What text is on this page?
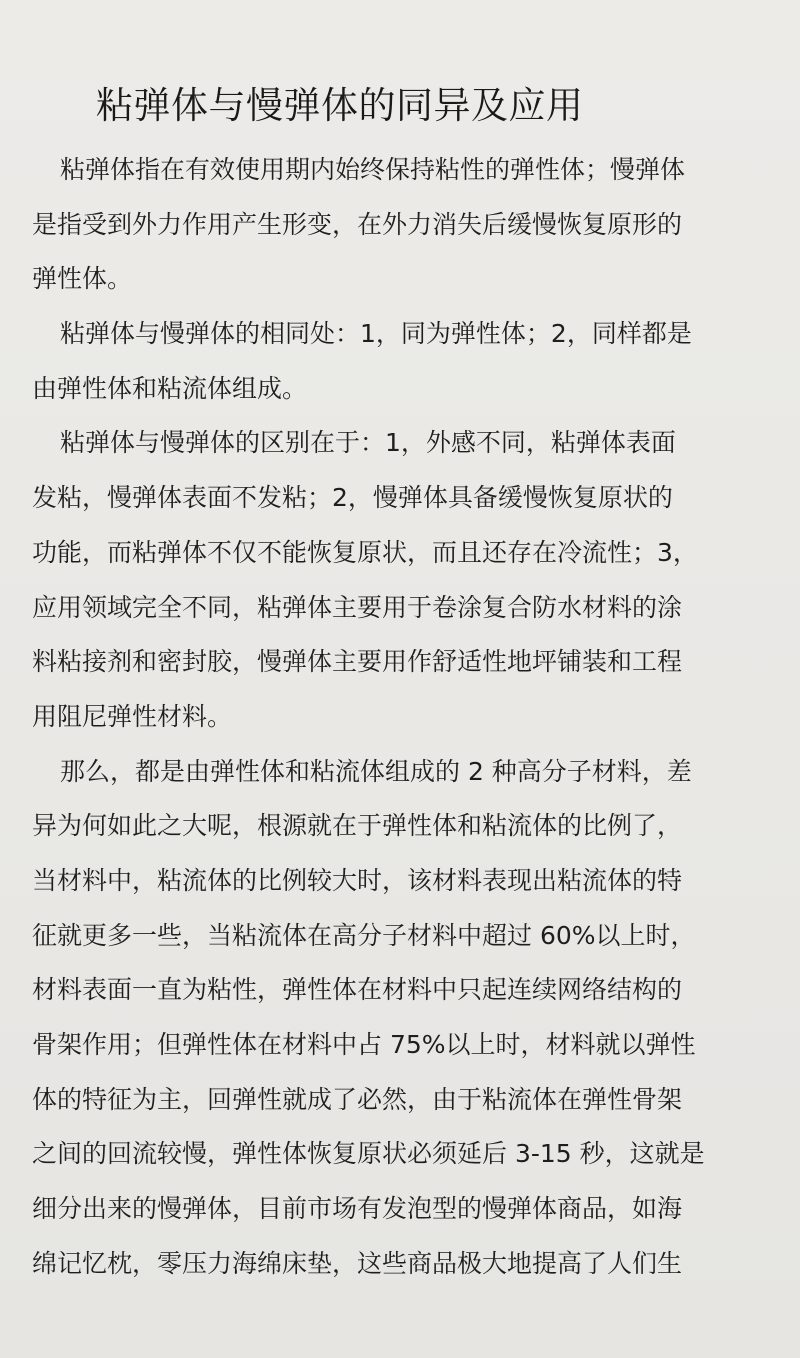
粘弹体与慢弹体的同异及应用
粘弹体指在有效使用期内始终保持粘性的弹性体；慢弹体
是指受到外力作用产生形变，在外力消失后缓慢恢复原形的
弹性体。
粘弹体与慢弹体的相同处：1，同为弹性体；2，同样都是
由弹性体和粘流体组成。
粘弹体与慢弹体的区别在于：1，外感不同，粘弹体表面
发粘，慢弹体表面不发粘；2，慢弹体具备缓慢恢复原状的
功能，而粘弹体不仅不能恢复原状，而且还存在冷流性；3，
应用领域完全不同，粘弹体主要用于卷涂复合防水材料的涂
料粘接剂和密封胶，慢弹体主要用作舒适性地坪铺装和工程
用阻尼弹性材料。
那么，都是由弹性体和粘流体组成的 2 种高分子材料，差
异为何如此之大呢，根源就在于弹性体和粘流体的比例了，
当材料中，粘流体的比例较大时，该材料表现出粘流体的特
征就更多一些，当粘流体在高分子材料中超过 60%以上时，
材料表面一直为粘性，弹性体在材料中只起连续网络结构的
骨架作用；但弹性体在材料中占 75%以上时，材料就以弹性
体的特征为主，回弹性就成了必然，由于粘流体在弹性骨架
之间的回流较慢，弹性体恢复原状必须延后 3-15 秒，这就是
细分出来的慢弹体，目前市场有发泡型的慢弹体商品，如海
绵记忆枕，零压力海绵床垫，这些商品极大地提高了人们生
